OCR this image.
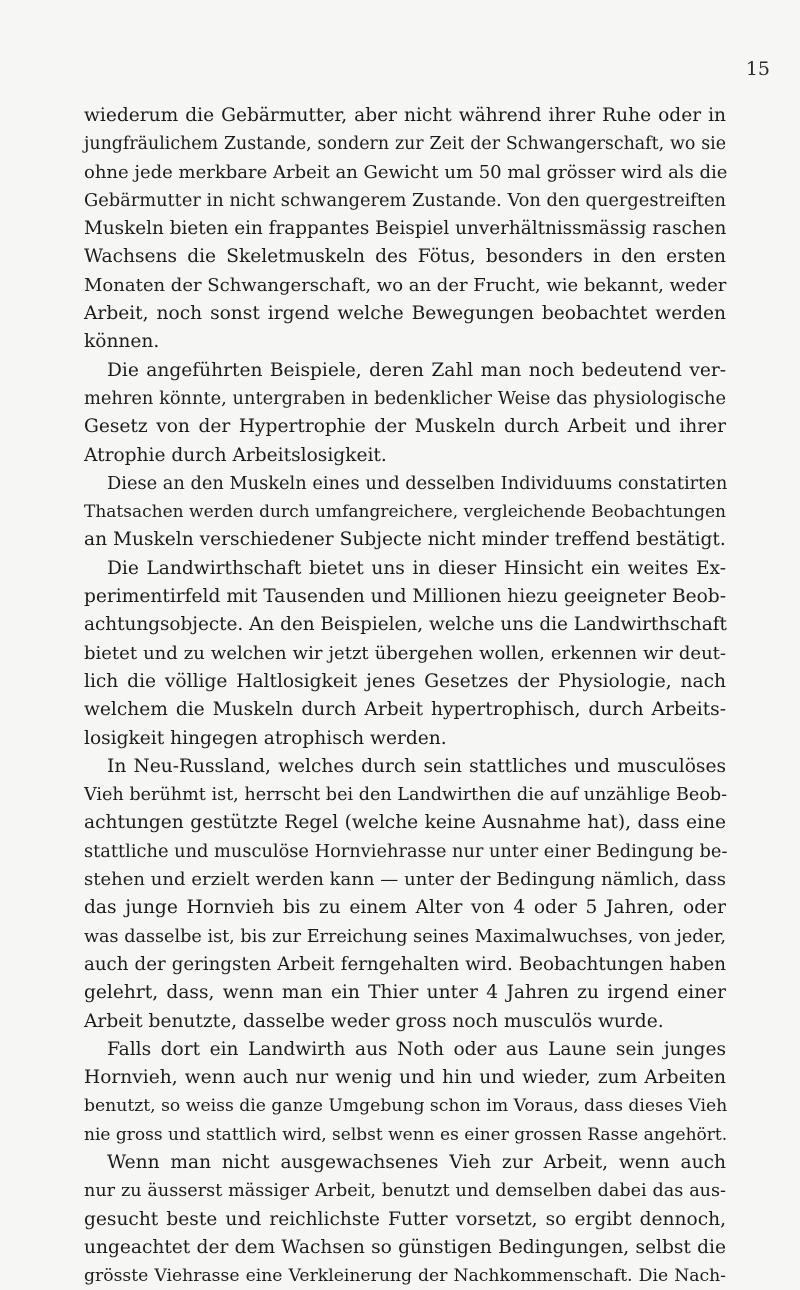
15
wiederum die Gebärmutter, aber nicht während ihrer Ruhe oder in
jungfräulichem Zustande, sondern zur Zeit der Schwangerschaft, wo sie
ohne jede merkbare Arbeit an Gewicht um 50 mal grösser wird als die
Gebärmutter in nicht schwangerem Zustande. Von den quergestreiften
Muskeln bieten ein frappantes Beispiel unverhältnissmässig raschen
Wachsens die Skeletmuskeln des Fötus, besonders in den ersten
Monaten der Schwangerschaft, wo an der Frucht, wie bekannt, weder
Arbeit, noch sonst irgend welche Bewegungen beobachtet werden
können.
Die angeführten Beispiele, deren Zahl man noch bedeutend ver-
mehren könnte, untergraben in bedenklicher Weise das physiologische
Gesetz von der Hypertrophie der Muskeln durch Arbeit und ihrer
Atrophie durch Arbeitslosigkeit.
Diese an den Muskeln eines und desselben Individuums constatirten
Thatsachen werden durch umfangreichere, vergleichende Beobachtungen
an Muskeln verschiedener Subjecte nicht minder treffend bestätigt.
Die Landwirthschaft bietet uns in dieser Hinsicht ein weites Ex-
perimentirfeld mit Tausenden und Millionen hiezu geeigneter Beob-
achtungsobjecte. An den Beispielen, welche uns die Landwirthschaft
bietet und zu welchen wir jetzt übergehen wollen, erkennen wir deut-
lich die völlige Haltlosigkeit jenes Gesetzes der Physiologie, nach
welchem die Muskeln durch Arbeit hypertrophisch, durch Arbeits-
losigkeit hingegen atrophisch werden.
In Neu-Russland, welches durch sein stattliches und musculöses
Vieh berühmt ist, herrscht bei den Landwirthen die auf unzählige Beob-
achtungen gestützte Regel (welche keine Ausnahme hat), dass eine
stattliche und musculöse Hornviehrasse nur unter einer Bedingung be-
stehen und erzielt werden kann — unter der Bedingung nämlich, dass
das junge Hornvieh bis zu einem Alter von 4 oder 5 Jahren, oder
was dasselbe ist, bis zur Erreichung seines Maximalwuchses, von jeder,
auch der geringsten Arbeit ferngehalten wird. Beobachtungen haben
gelehrt, dass, wenn man ein Thier unter 4 Jahren zu irgend einer
Arbeit benutzte, dasselbe weder gross noch musculös wurde.
Falls dort ein Landwirth aus Noth oder aus Laune sein junges
Hornvieh, wenn auch nur wenig und hin und wieder, zum Arbeiten
benutzt, so weiss die ganze Umgebung schon im Voraus, dass dieses Vieh
nie gross und stattlich wird, selbst wenn es einer grossen Rasse angehört.
Wenn man nicht ausgewachsenes Vieh zur Arbeit, wenn auch
nur zu äusserst mässiger Arbeit, benutzt und demselben dabei das aus-
gesucht beste und reichlichste Futter vorsetzt, so ergibt dennoch,
ungeachtet der dem Wachsen so günstigen Bedingungen, selbst die
grösste Viehrasse eine Verkleinerung der Nachkommenschaft. Die Nach-
